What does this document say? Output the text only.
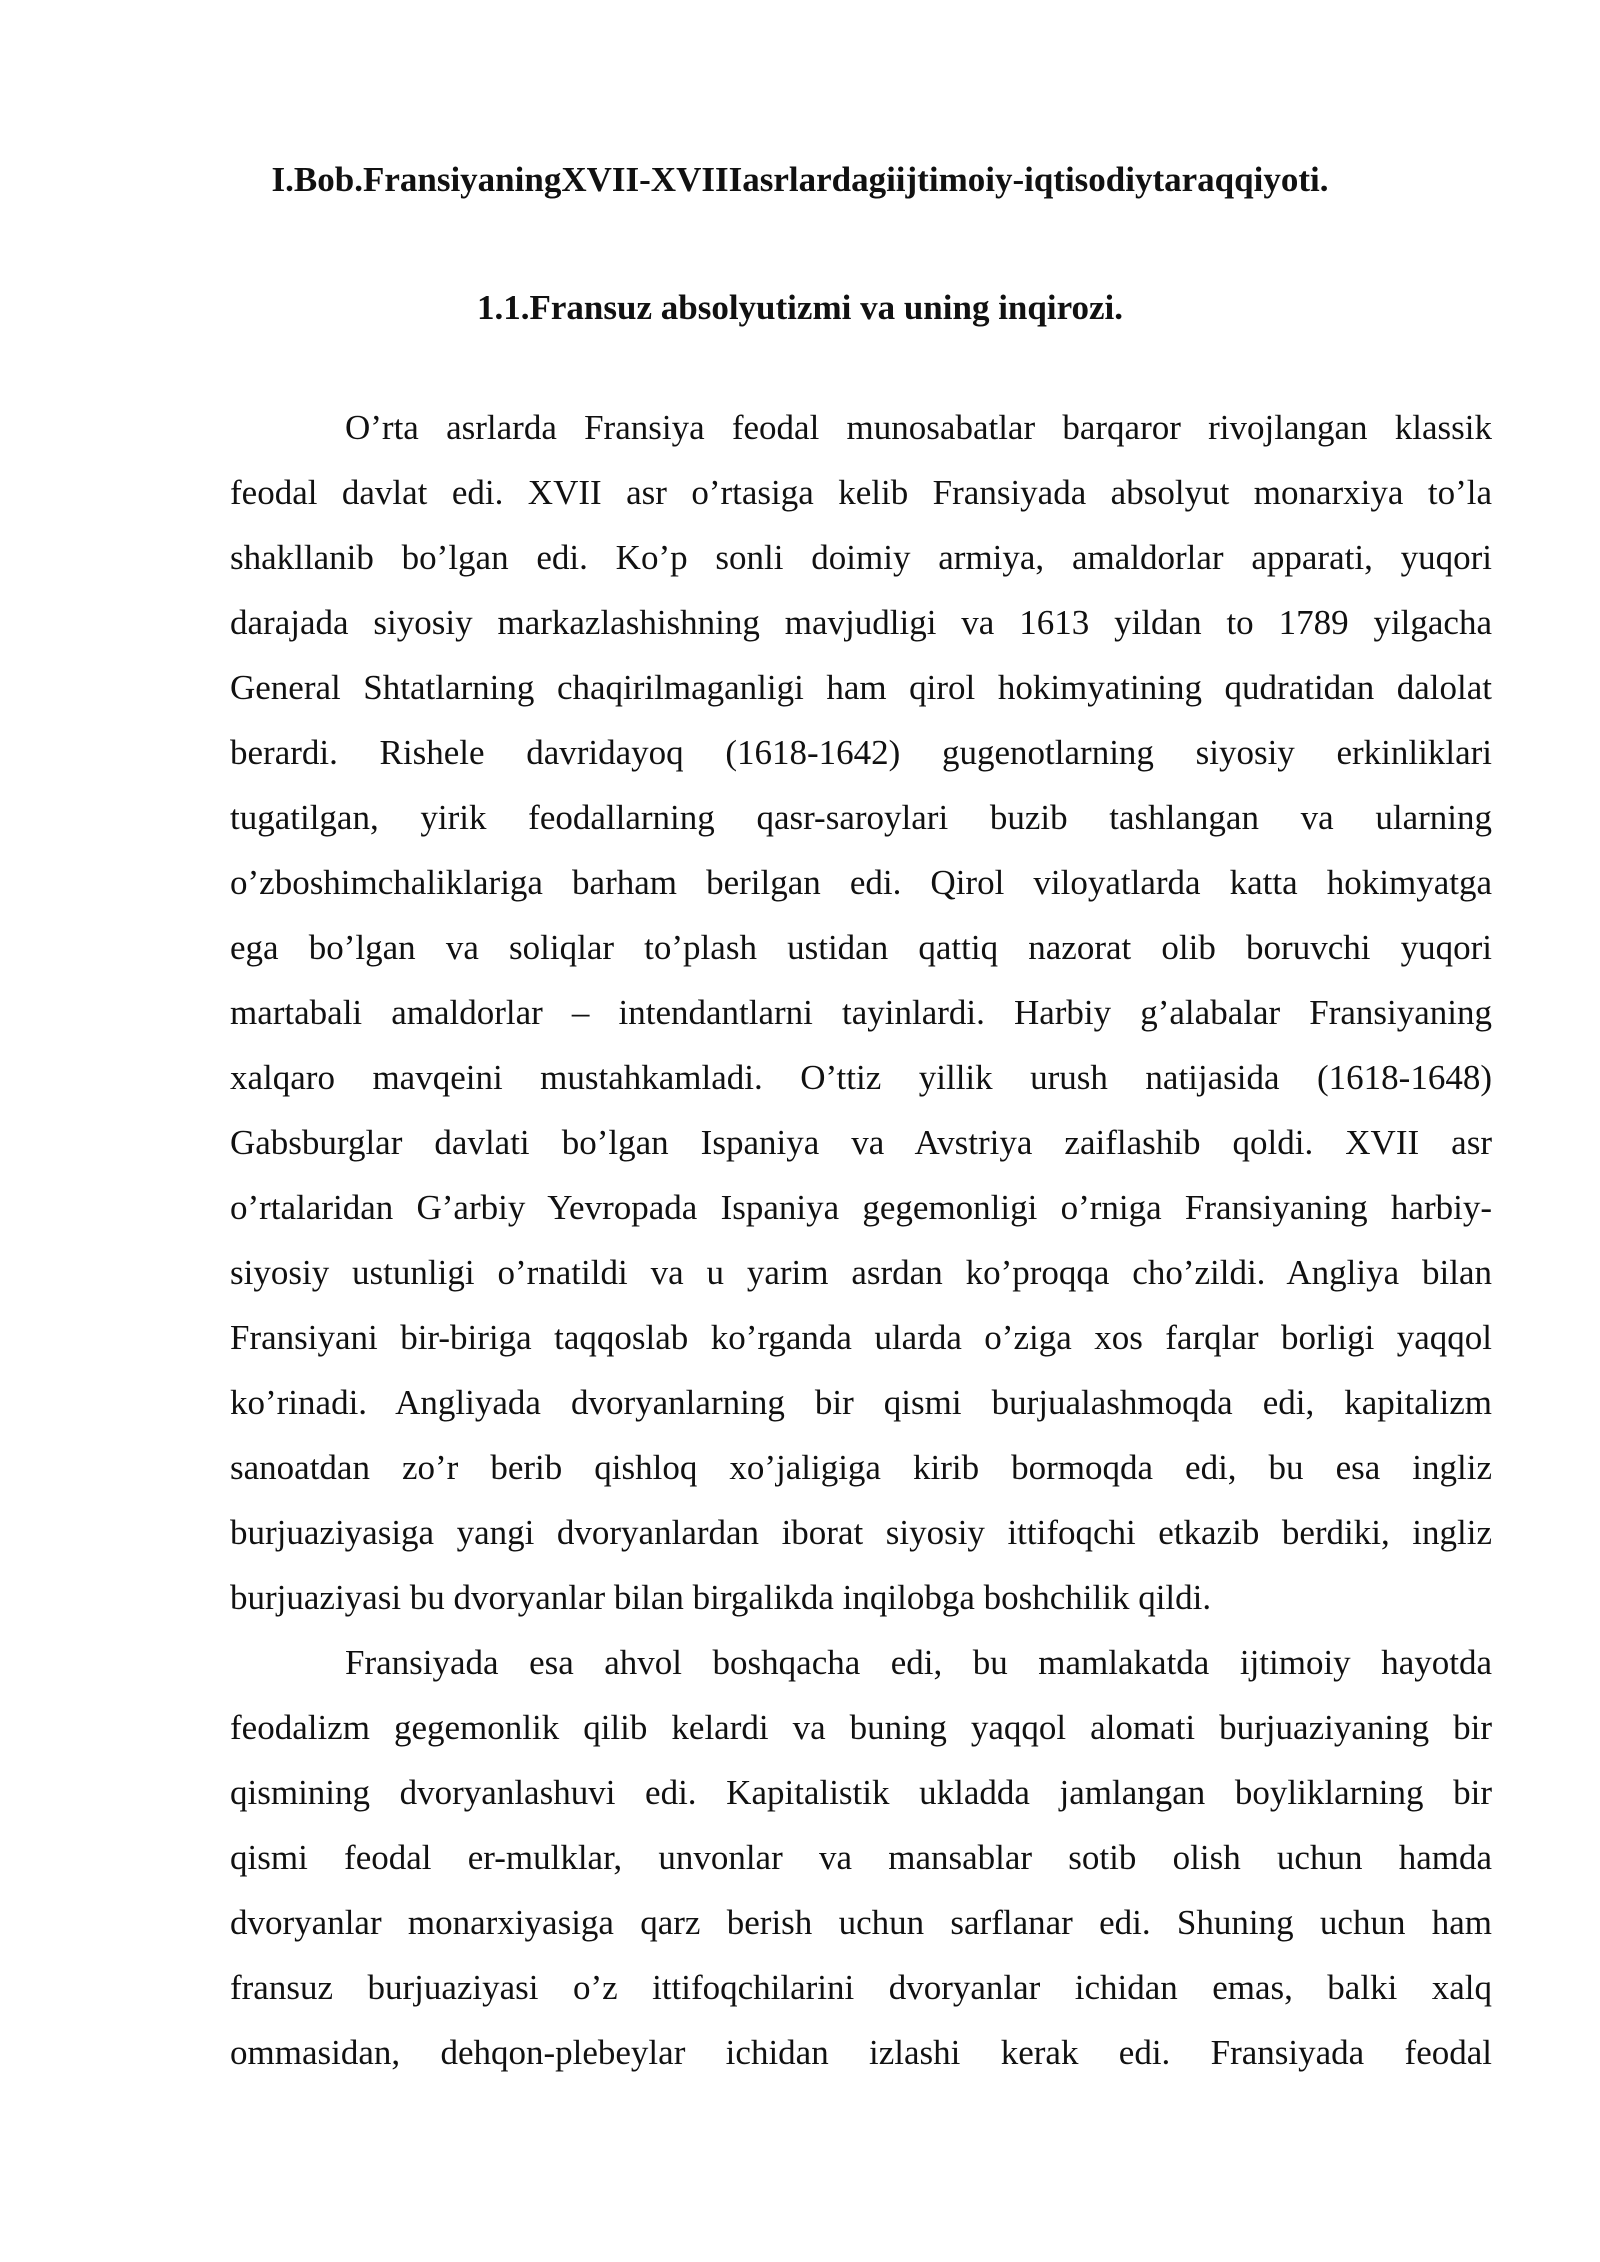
I.Bob.FransiyaningXVII-XVIIIasrlardagiijtimoiy-iqtisodiytaraqqiyoti.
1.1.Fransuz absolyutizmi va uning inqirozi.
O’rta asrlarda Fransiya feodal munosabatlar barqaror rivojlangan klassik
feodal davlat edi. XVII asr o’rtasiga kelib Fransiyada absolyut monarxiya to’la
shakllanib bo’lgan edi. Ko’p sonli doimiy armiya, amaldorlar apparati, yuqori
darajada siyosiy markazlashishning mavjudligi va 1613 yildan to 1789 yilgacha
General Shtatlarning chaqirilmaganligi ham qirol hokimyatining qudratidan dalolat
berardi. Rishele davridayoq (1618-1642) gugenotlarning siyosiy erkinliklari
tugatilgan, yirik feodallarning qasr-saroylari buzib tashlangan va ularning
o’zboshimchaliklariga barham berilgan edi. Qirol viloyatlarda katta hokimyatga
ega bo’lgan va soliqlar to’plash ustidan qattiq nazorat olib boruvchi yuqori
martabali amaldorlar – intendantlarni tayinlardi. Harbiy g’alabalar Fransiyaning
xalqaro mavqeini mustahkamladi. O’ttiz yillik urush natijasida (1618-1648)
Gabsburglar davlati bo’lgan Ispaniya va Avstriya zaiflashib qoldi. XVII asr
o’rtalaridan G’arbiy Yevropada Ispaniya gegemonligi o’rniga Fransiyaning harbiy-
siyosiy ustunligi o’rnatildi va u yarim asrdan ko’proqqa cho’zildi. Angliya bilan
Fransiyani bir-biriga taqqoslab ko’rganda ularda o’ziga xos farqlar borligi yaqqol
ko’rinadi. Angliyada dvoryanlarning bir qismi burjualashmoqda edi, kapitalizm
sanoatdan zo’r berib qishloq xo’jaligiga kirib bormoqda edi, bu esa ingliz
burjuaziyasiga yangi dvoryanlardan iborat siyosiy ittifoqchi etkazib berdiki, ingliz
burjuaziyasi bu dvoryanlar bilan birgalikda inqilobga boshchilik qildi.
Fransiyada esa ahvol boshqacha edi, bu mamlakatda ijtimoiy hayotda
feodalizm gegemonlik qilib kelardi va buning yaqqol alomati burjuaziyaning bir
qismining dvoryanlashuvi edi. Kapitalistik ukladda jamlangan boyliklarning bir
qismi feodal er-mulklar, unvonlar va mansablar sotib olish uchun hamda
dvoryanlar monarxiyasiga qarz berish uchun sarflanar edi. Shuning uchun ham
fransuz burjuaziyasi o’z ittifoqchilarini dvoryanlar ichidan emas, balki xalq
ommasidan, dehqon-plebeylar ichidan izlashi kerak edi. Fransiyada feodal
